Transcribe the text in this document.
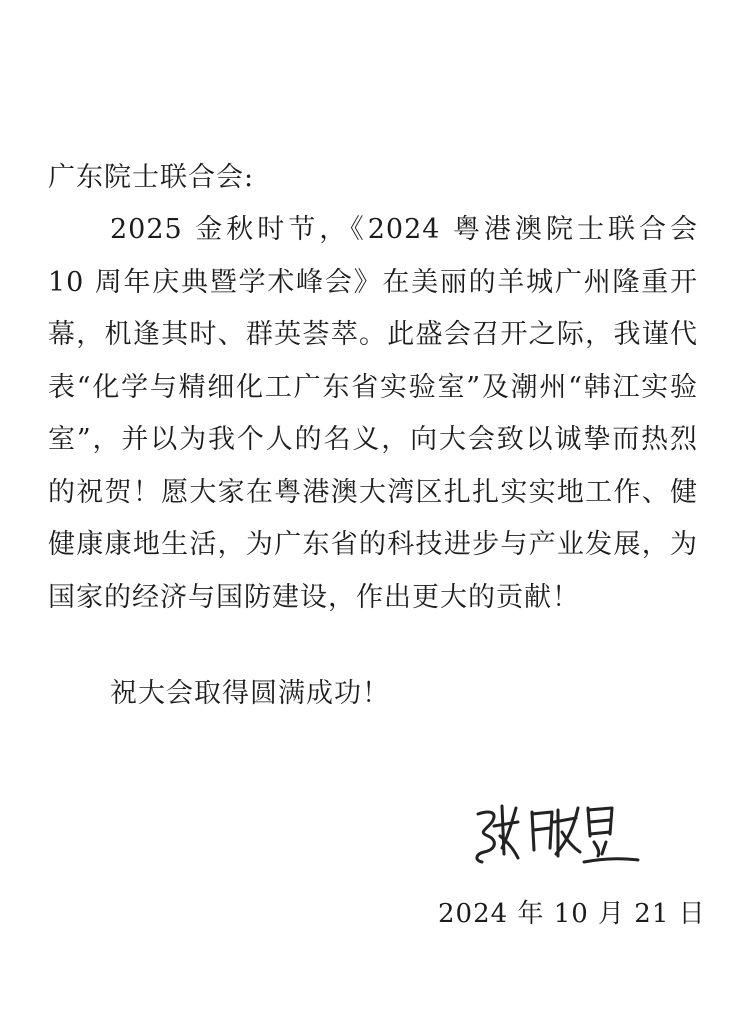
广东院士联合会:

2025 金秋时节，《2024 粤港澳院士联合会 10 周年庆典暨学术峰会》在美丽的羊城广州隆重开幕，机逢其时、群英荟萃。此盛会召开之际，我谨代表“化学与精细化工广东省实验室”及潮州“韩江实验室”，并以为我个人的名义，向大会致以诚挚而热烈的祝贺！愿大家在粤港澳大湾区扎扎实实地工作、健健康康地生活，为广东省的科技进步与产业发展，为国家的经济与国防建设，作出更大的贡献！

祝大会取得圆满成功！
2024 年 10 月 21 日
